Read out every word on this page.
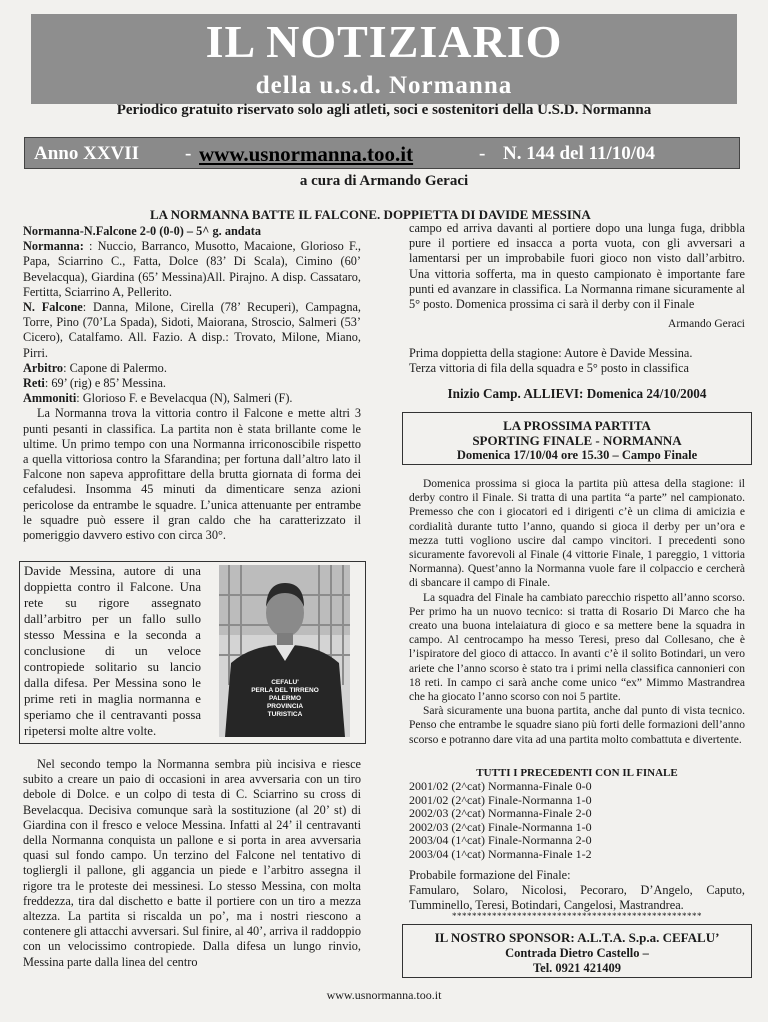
IL NOTIZIARIO
della u.s.d. Normanna
Periodico gratuito riservato solo agli atleti, soci e sostenitori della U.S.D. Normanna
Anno XXVII - www.usnormanna.too.it	- N. 144 del 11/10/04
a cura di Armando Geraci
LA NORMANNA BATTE IL FALCONE. DOPPIETTA DI DAVIDE MESSINA

Normanna-N.Falcone 2-0 (0-0) – 5^ g. andata

Normanna: : Nuccio, Barranco, Musotto, Macaione, Glorioso F., Papa, Sciarrino C., Fatta, Dolce (83’ Di Scala), Cimino (60’ Bevelacqua), Giardina (65’ Messina)All. Pirajno. A disp. Cassataro, Fertitta, Sciarrino A, Pellerito.

N. Falcone: Danna, Milone, Cirella (78’ Recuperi), Campagna, Torre, Pino (70’La Spada), Sidoti, Maiorana, Stroscio, Salmeri (53’ Cicero), Catalfamo. All. Fazio. A disp.: Trovato, Milone, Miano, Pirri.

Arbitro: Capone di Palermo.

Reti: 69’ (rig) e 85’ Messina.

Ammoniti: Glorioso F. e Bevelacqua (N), Salmeri (F).

La Normanna trova la vittoria contro il Falcone e mette altri 3 punti pesanti in classifica. La partita non è stata brillante come le ultime. Un primo tempo con una Normanna irriconoscibile rispetto a quella vittoriosa contro la Sfarandina; per fortuna dall’altro lato il Falcone non sapeva approfittare della brutta giornata di forma dei cefaludesi. Insomma 45 minuti da dimenticare senza azioni pericolose da entrambe le squadre. L’unica attenuante per entrambe le squadre può essere il gran caldo che ha caratterizzato il pomeriggio davvero estivo con circa 30°.

Davide Messina, autore di una doppietta contro il Falcone. Una rete su rigore assegnato dall’arbitro per un fallo sullo stesso Messina e la seconda a conclusione di un veloce contropiede solitario su lancio dalla difesa. Per Messina sono le prime reti in maglia normanna e speriamo che il centravanti possa ripetersi molte altre volte.
CEFALU'
PERLA DEL TIRRENO
PALERMO
PROVINCIA TURISTICA

Nel secondo tempo la Normanna sembra più incisiva e riesce subito a creare un paio di occasioni in area avversaria con un tiro debole di Dolce. e un colpo di testa di C. Sciarrino su cross di Bevelacqua. Decisiva comunque sarà la sostituzione (al 20’ st) di Giardina con il fresco e veloce Messina. Infatti al 24’ il centravanti della Normanna conquista un pallone e si porta in area avversaria quasi sul fondo campo. Un terzino del Falcone nel tentativo di togliergli il pallone, gli aggancia un piede e l’arbitro assegna il rigore tra le proteste dei messinesi. Lo stesso Messina, con molta freddezza, tira dal dischetto e batte il portiere con un tiro a mezza altezza. La partita si riscalda un po’, ma i nostri riescono a contenere gli attacchi avversari. Sul finire, al 40’, arriva il raddoppio con un velocissimo contropiede. Dalla difesa un lungo rinvio, Messina parte dalla linea del centro

campo ed arriva davanti al portiere dopo una lunga fuga, dribbla pure il portiere ed insacca a porta vuota, con gli avversari a lamentarsi per un improbabile fuori gioco non visto dall’arbitro. Una vittoria sofferta, ma in questo campionato è importante fare punti ed avanzare in classifica. La Normanna rimane sicuramente al 5° posto. Domenica prossima ci sarà il derby con il Finale

Armando Geraci
Prima doppietta della stagione: Autore è Davide Messina.
Terza vittoria di fila della squadra e 5° posto in classifica
Inizio Camp. ALLIEVI: Domenica 24/10/2004
LA PROSSIMA PARTITA
SPORTING FINALE - NORMANNA
Domenica 17/10/04 ore 15.30 – Campo Finale

Domenica prossima si gioca la partita più attesa della stagione: il derby contro il Finale. Si tratta di una partita “a parte” nel campionato. Premesso che con i giocatori ed i dirigenti c’è un clima di amicizia e cordialità durante tutto l’anno, quando si gioca il derby per un’ora e mezza tutti vogliono uscire dal campo vincitori. I precedenti sono sicuramente favorevoli al Finale (4 vittorie Finale, 1 pareggio, 1 vittoria Normanna). Quest’anno la Normanna vuole fare il colpaccio e cercherà di sbancare il campo di Finale.

La squadra del Finale ha cambiato parecchio rispetto all’anno scorso. Per primo ha un nuovo tecnico: si tratta di Rosario Di Marco che ha creato una buona intelaiatura di gioco e sa mettere bene la squadra in campo. Al centrocampo ha messo Teresi, preso dal Collesano, che è l’ispiratore del gioco di attacco. In avanti c’è il solito Botindari, un vero ariete che l’anno scorso è stato tra i primi nella classifica cannonieri con 18 reti. In campo ci sarà anche come unico “ex” Mimmo Mastrandrea che ha giocato l’anno scorso con noi 5 partite.

Sarà sicuramente una buona partita, anche dal punto di vista tecnico. Penso che entrambe le squadre siano più forti delle formazioni dell’anno scorso e potranno dare vita ad una partita molto combattuta e divertente.

TUTTI I PRECEDENTI CON IL FINALE
2001/02 (2^cat) Normanna-Finale 0-0
2001/02 (2^cat) Finale-Normanna 1-0
2002/03 (2^cat) Normanna-Finale 2-0
2002/03 (2^cat) Finale-Normanna 1-0
2003/04 (1^cat) Finale-Normanna 2-0
2003/04 (1^cat) Normanna-Finale 1-2
Probabile formazione del Finale:
Famularo, Solaro, Nicolosi, Pecoraro, D’Angelo, Caputo, Tumminello, Teresi, Botindari, Cangelosi, Mastrandrea.
**************************************************
IL NOSTRO SPONSOR: A.L.T.A. S.p.a. CEFALU’
Contrada Dietro Castello –
Tel. 0921 421409
www.usnormanna.too.it
